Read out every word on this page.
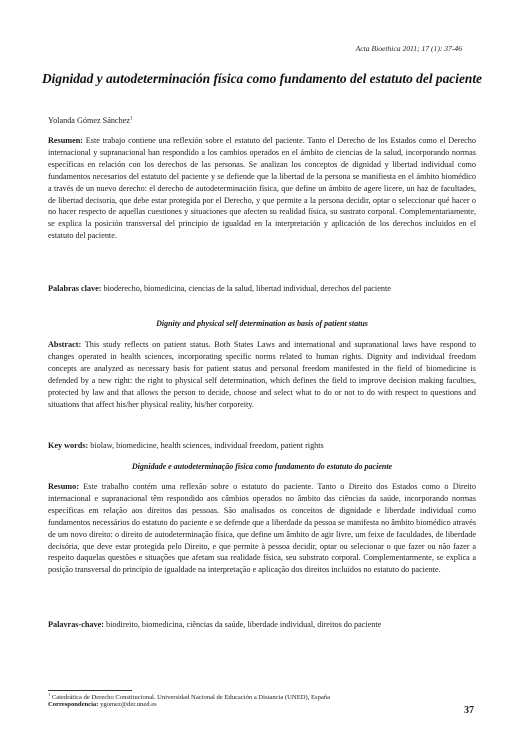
Acta Bioethica 2011; 17 (1): 37-46
Dignidad y autodeterminación física como fundamento del estatuto del paciente
Yolanda Gómez Sánchez$^1$

Resumen: Este trabajo contiene una reflexión sobre el estatuto del paciente. Tanto el Derecho de los Estados como el Derecho internacional y supranacional han respondido a los cambios operados en el ámbito de ciencias de la salud, incorporando normas específicas en relación con los derechos de las personas. Se analizan los conceptos de dignidad y libertad individual como fundamentos necesarios del estatuto del paciente y se defiende que la libertad de la persona se manifiesta en el ámbito biomédico a través de un nuevo derecho: el derecho de autodeterminación física, que define un ámbito de agere licere, un haz de facultades, de libertad decisoria, que debe estar protegida por el Derecho, y que permite a la persona decidir, optar o seleccionar qué hacer o no hacer respecto de aquellas cuestiones y situaciones que afecten su realidad física, su sustrato corporal. Complementariamente, se explica la posición transversal del principio de igualdad en la interpretación y aplicación de los derechos incluidos en el estatuto del paciente.

Palabras clave: bioderecho, biomedicina, ciencias de la salud, libertad individual, derechos del paciente

Dignity and physical self determination as basis of patient status

Abstract: This study reflects on patient status. Both States Laws and international and supranational laws have respond to changes operated in health sciences, incorporating specific norms related to human rights. Dignity and individual freedom concepts are analyzed as necessary basis for patient status and personal freedom manifested in the field of biomedicine is defended by a new right: the right to physical self determination, which defines the field to improve decision making faculties, protected by law and that allows the person to decide, choose and select what to do or not to do with respect to questions and situations that affect his/her physical reality, his/her corporeity.

Key words: biolaw, biomedicine, health sciences, individual freedom, patient rights

Dignidade e autodeterminação física como fundamento do estatuto do paciente

Resumo: Este trabalho contém uma reflexão sobre o estatuto do paciente. Tanto o Direito dos Estados como o Direito internacional e supranacional têm respondido aos câmbios operados no âmbito das ciências da saúde, incorporando normas específicas em relação aos direitos das pessoas. São analisados os conceitos de dignidade e liberdade individual como fundamentos necessários do estatuto do paciente e se defende que a liberdade da pessoa se manifesta no âmbito biomédico através de um novo direito: o direito de autodeterminação física, que define um âmbito de agir livre, um feixe de faculdades, de liberdade decisória, que deve estar protegida pelo Direito, e que permite à pessoa decidir, optar ou selecionar o que fazer ou não fazer a respeito daquelas questões e situações que afetam sua realidade física, seu substrato corporal. Complementarmente, se explica a posição transversal do princípio de igualdade na interpretação e aplicação dos direitos incluídos no estatuto do paciente.

Palavras-chave: biodireito, biomedicina, ciências da saúde, liberdade individual, direitos do paciente

$^1$ Catedrática de Derecho Constitucional. Universidad Nacional de Educación a Distancia (UNED), España
Correspondencia: ygomez@der.uned.es
37
